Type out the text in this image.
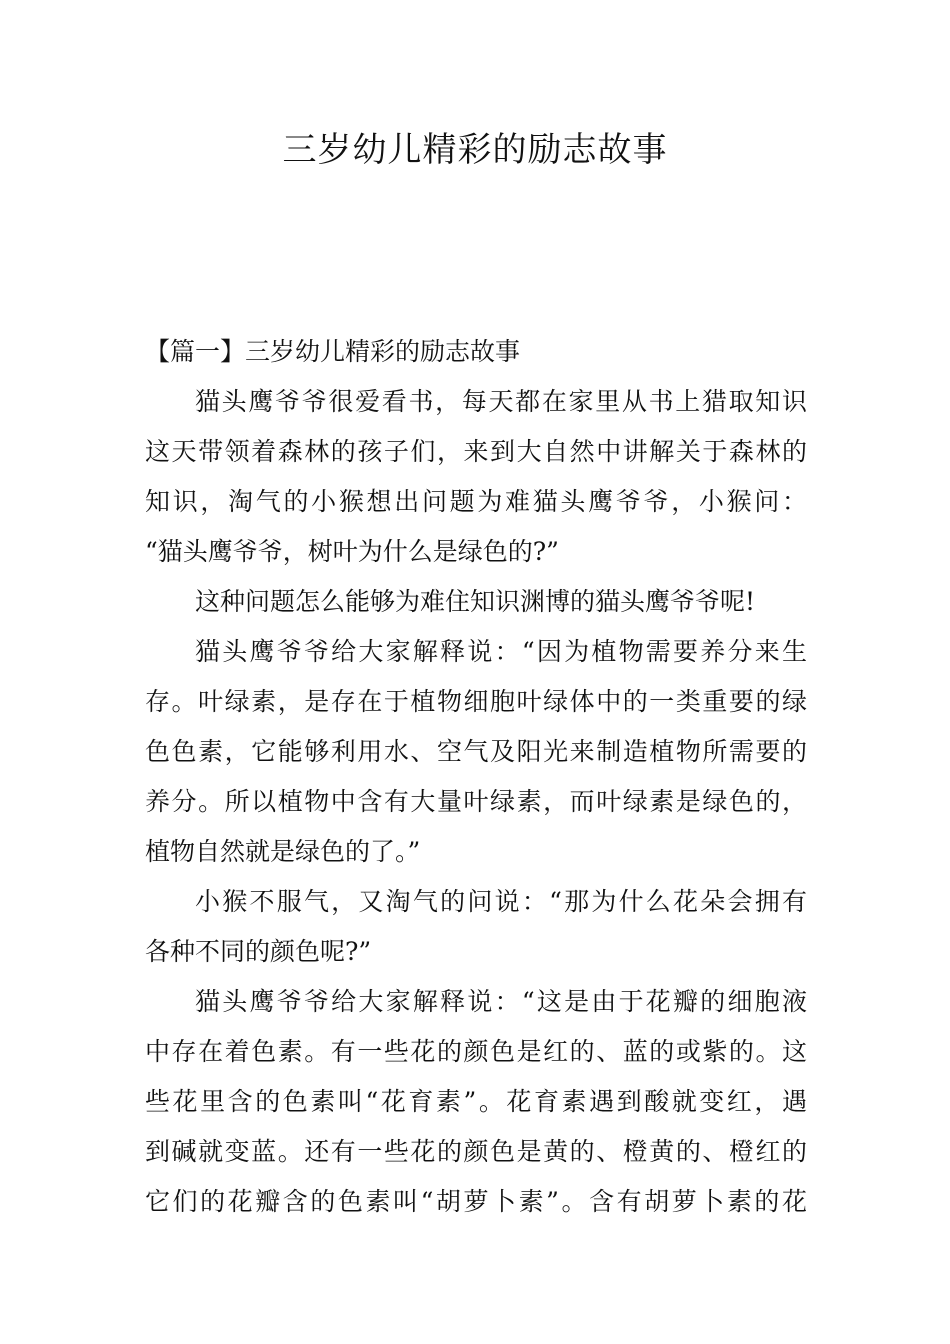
三岁幼儿精彩的励志故事
【篇一】三岁幼儿精彩的励志故事
猫头鹰爷爷很爱看书，每天都在家里从书上猎取知识
这天带领着森林的孩子们，来到大自然中讲解关于森林的
知识，淘气的小猴想出问题为难猫头鹰爷爷，小猴问：
“猫头鹰爷爷，树叶为什么是绿色的?”
这种问题怎么能够为难住知识渊博的猫头鹰爷爷呢!
猫头鹰爷爷给大家解释说：“因为植物需要养分来生
存。叶绿素，是存在于植物细胞叶绿体中的一类重要的绿
色色素，它能够利用水、空气及阳光来制造植物所需要的
养分。所以植物中含有大量叶绿素，而叶绿素是绿色的，
植物自然就是绿色的了。”
小猴不服气，又淘气的问说：“那为什么花朵会拥有
各种不同的颜色呢?”
猫头鹰爷爷给大家解释说：“这是由于花瓣的细胞液
中存在着色素。有一些花的颜色是红的、蓝的或紫的。这
些花里含的色素叫“花育素”。花育素遇到酸就变红，遇
到碱就变蓝。还有一些花的颜色是黄的、橙黄的、橙红的
它们的花瓣含的色素叫“胡萝卜素”。含有胡萝卜素的花
